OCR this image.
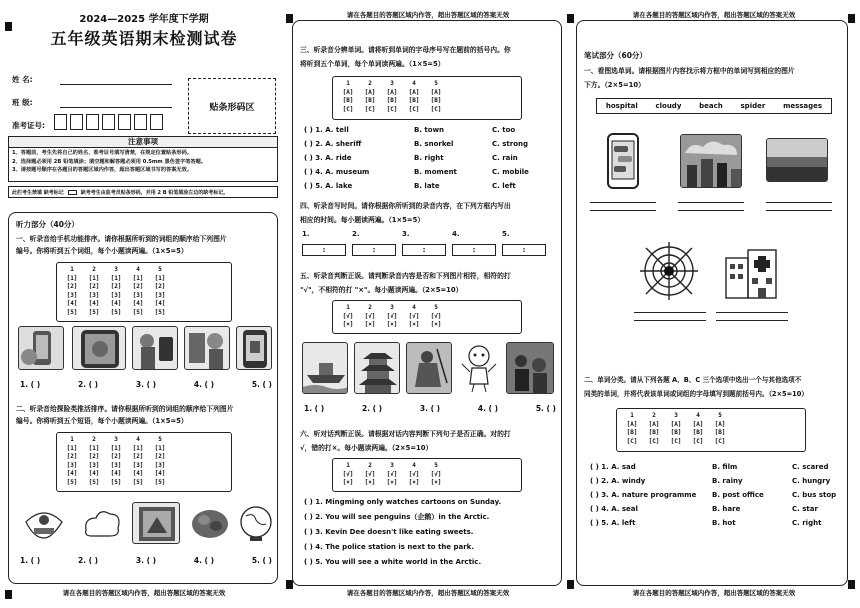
2024—2025 学年度下学期
五年级英语期末检测试卷
姓 名:
班 级:
准考证号:
贴条形码区
注意事项
1、答题前，考生先将自己的姓名、准考证号填写清楚，在规定位置贴条形码。
2、选择题必须用 2B 铅笔填涂；填空题和解答题必须用 0.5mm 黑色签字笔答题。
3、请按题号顺序在各题目的答题区域内作答，超出答题区域书写的答案无效。
此栏考生禁填 缺考标记	缺考考生由监考员贴条形码，并用 2 B 铅笔填涂左边的缺考标记。
听力部分（40分）
一、听录音给手机功能排序。请你根据所听到的词组的顺序给下列图片
编号。你将听到五个词组，每个小题读两遍。（1×5=5）
1	2	3	4	5
[1] [1] [1] [1] [1]
[2] [2] [2] [2] [2]
[3] [3] [3] [3] [3]
[4] [4] [4] [4] [4]
[5] [5] [5] [5] [5]
1. ( )	2. ( )	3. ( )	4. ( )	5. ( )
二、听录音给探险类推活排序。请你根据所听到的词组的顺序给下列图片
编号。你将听到五个短语，每个小题读两遍。（1×5=5）
1	2	3	4	5
[1] [1] [1] [1] [1]
[2] [2] [2] [2] [2]
[3] [3] [3] [3] [3]
[4] [4] [4] [4] [4]
[5] [5] [5] [5] [5]
1. ( )	2. ( )	3. ( )	4. ( )	5. ( )
请在各题目的答题区域内作答，超出答题区域的答案无效
请在各题目的答题区域内作答，超出答题区域的答案无效
三、听录音分辨单词。请将听到单词的字母序号写在题前的括号内。你
将听到五个单词，每个单词读两遍。（1×5=5）
1	2	3	4	5
[A] [A] [A] [A] [A]
[B] [B] [B] [B] [B]
[C] [C] [C] [C] [C]
( ) 1. A. tell	B. town	C. too
( ) 2. A. sheriff	B. snorkel	C. strong
( ) 3. A. ride	B. right	C. rain
( ) 4. A. museum	B. moment	C. mobile
( ) 5. A. lake	B. late	C. left
四、听录音写时间。请你根据你所听到的录音内容，在下列方框内写出
相应的时间。每小题读两遍。（1×5=5）
1.	2.	3.	4.	5.
:	:	:	:	:
五、听录音判断正误。请判断录音内容是否和下列图片相符，相符的打
"√"，不相符的打 "×"。每小题读两遍。（2×5=10）
1	2	3	4	5
[√] [√] [√] [√] [√]
[×] [×] [×] [×] [×]
1. ( )	2. ( )	3. ( )	4. ( )	5. ( )
六、听对话判断正误。请根据对话内容判断下列句子是否正确。对的打
√，错的打×。每小题读两遍。（2×5=10）
1	2	3	4	5
[√] [√] [√] [√] [√]
[×] [×] [×] [×] [×]
( ) 1. Mingming only watches cartoons on Sunday.
( ) 2. You will see penguins（企鹅）in the Arctic.
( ) 3. Kevin Dee doesn't like eating sweets.
( ) 4. The police station is next to the park.
( ) 5. You will see a white world in the Arctic.
请在各题目的答题区域内作答，超出答题区域的答案无效
请在各题目的答题区域内作答，超出答题区域的答案无效
笔试部分（60分）
一、看图选单词。请根据图片内容找示将方框中的单词写到相应的图片
下方。（2×5=10）
hospital	cloudy	beach	spider	messages
二、单词分类。请从下列各题 A、B、C 三个选项中选出一个与其他选项不
同类的单词，并将代表该单词或词组的字母填写到题前括号内。（2×5=10）
1	2	3	4	5
[A] [A] [A] [A] [A]
[B] [B] [B] [B] [B]
[C] [C] [C] [C] [C]
( ) 1. A. sad	B. film	C. scared
( ) 2. A. windy	B. rainy	C. hungry
( ) 3. A. nature programme	B. post office	C. bus stop
( ) 4. A. seal	B. hare	C. star
( ) 5. A. left	B. hot	C. right
请在各题目的答题区域内作答，超出答题区域的答案无效
